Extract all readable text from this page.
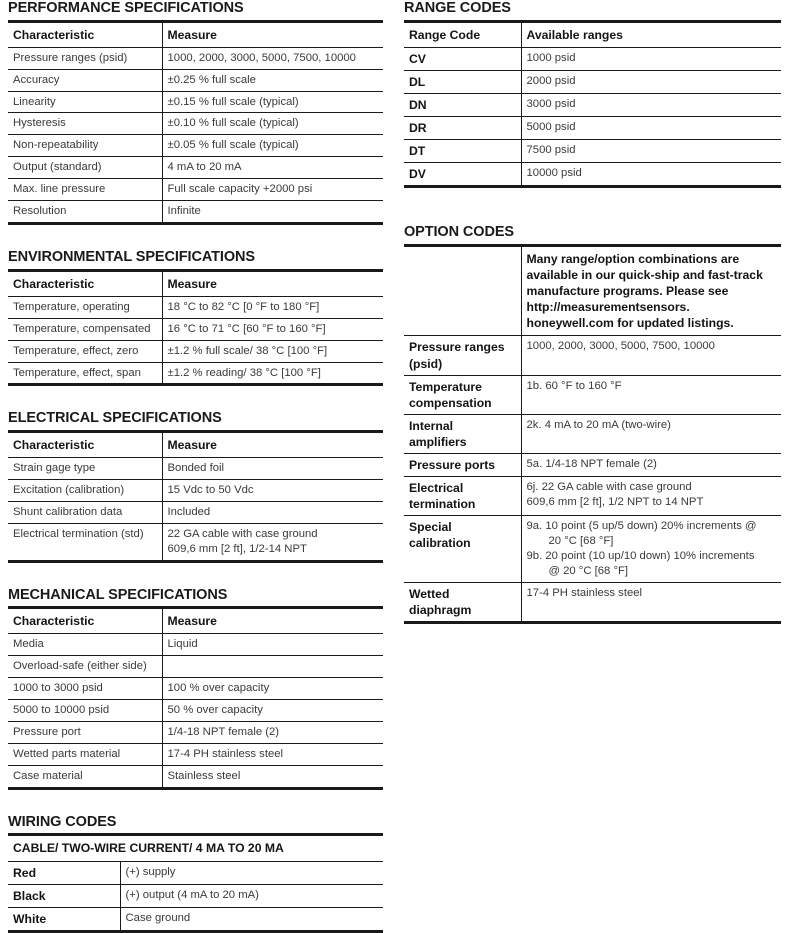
PERFORMANCE SPECIFICATIONS
Characteristic	Measure
Pressure ranges (psid)	1000, 2000, 3000, 5000, 7500, 10000
Accuracy	±0.25 % full scale
Linearity	±0.15 % full scale (typical)
Hysteresis	±0.10 % full scale (typical)
Non-repeatability	±0.05 % full scale (typical)
Output (standard)	4 mA to 20 mA
Max. line pressure	Full scale capacity +2000 psi
Resolution	Infinite
ENVIRONMENTAL SPECIFICATIONS
Characteristic	Measure
Temperature, operating	18 °C to 82 °C [0 °F to 180 °F]
Temperature, compensated	16 °C to 71 °C [60 °F to 160 °F]
Temperature, effect, zero	±1.2 % full scale/ 38 °C [100 °F]
Temperature, effect, span	±1.2 % reading/ 38 °C [100 °F]
ELECTRICAL SPECIFICATIONS
Characteristic	Measure
Strain gage type	Bonded foil
Excitation (calibration)	15 Vdc to 50 Vdc
Shunt calibration data	Included
Electrical termination (std)	22 GA cable with case ground
609,6 mm [2 ft], 1/2-14 NPT
MECHANICAL SPECIFICATIONS
Characteristic	Measure
Media	Liquid
Overload-safe (either side)	
1000 to 3000 psid	100 % over capacity
5000 to 10000 psid	50 % over capacity
Pressure port	1/4-18 NPT female (2)
Wetted parts material	17-4 PH stainless steel
Case material	Stainless steel
WIRING CODES
CABLE/ TWO-WIRE CURRENT/ 4 MA TO 20 MA	
Red	(+) supply
Black	(+) output (4 mA to 20 mA)
White	Case ground
RANGE CODES
Range Code	Available ranges
CV	1000 psid
DL	2000 psid
DN	3000 psid
DR	5000 psid
DT	7500 psid
DV	10000 psid
OPTION CODES
	Many range/option combinations are available in our quick-ship and fast-track manufacture programs. Please see http://measurementsensors. honeywell.com for updated listings.

Pressure ranges
(psid)	1000, 2000, 3000, 5000, 7500, 10000

Temperature
compensation	1b. 60 °F to 160 °F

Internal
amplifiers	2k. 4 mA to 20 mA (two-wire)

Pressure ports	5a. 1/4-18 NPT female (2)

Electrical
termination	6j. 22 GA cable with case ground
609,6 mm [2 ft], 1/2 NPT to 14 NPT

Special
calibration	9a. 10 point (5 up/5 down) 20% increments @
20 °C [68 °F]
9b. 20 point (10 up/10 down) 10% increments
@ 20 °C [68 °F]

Wetted
diaphragm	17-4 PH stainless steel
